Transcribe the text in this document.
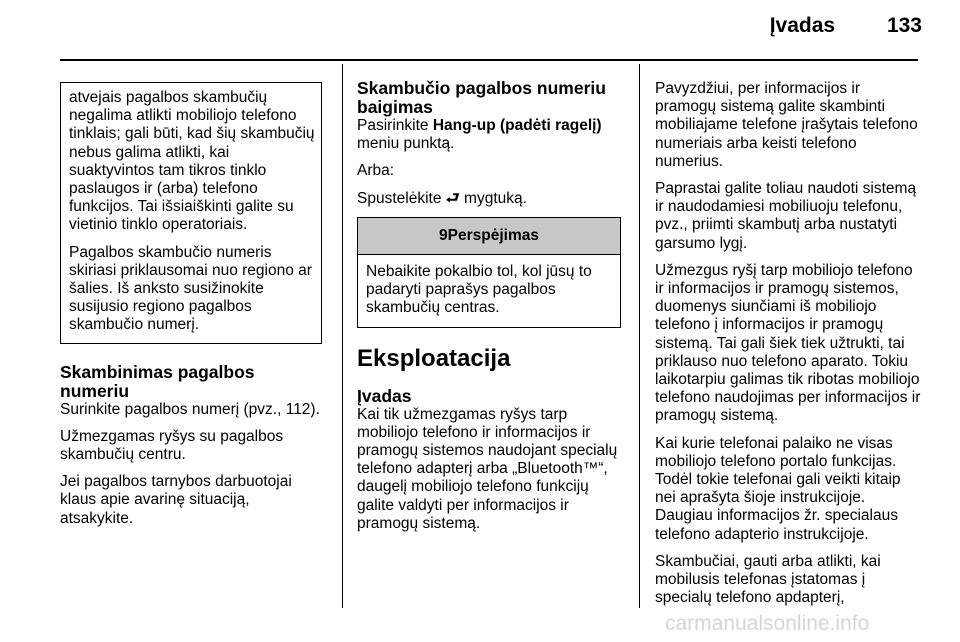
Įvadas 133

atvejais pagalbos skambučių negalima atlikti mobiliojo telefono tinklais; gali būti, kad šių skambučių nebus galima atlikti, kai suaktyvintos tam tikros tinklo paslaugos ir (arba) telefono funkcijos. Tai išsiaiškinti galite su vietinio tinklo operatoriais.

Pagalbos skambučio numeris skiriasi priklausomai nuo regiono ar šalies. Iš anksto susižinokite susijusio regiono pagalbos skambučio numerį.

Skambinimas pagalbos numeriu

Surinkite pagalbos numerį (pvz., 112).

Užmezgamas ryšys su pagalbos skambučių centru.

Jei pagalbos tarnybos darbuotojai klaus apie avarinę situaciją, atsakykite.

Skambučio pagalbos numeriu baigimas

Pasirinkite Hang-up (padėti ragelį) meniu punktą.

Arba:

Spustelėkite ⮐ mygtuką.

9Perspėjimas
Nebaikite pokalbio tol, kol jūsų to padaryti paprašys pagalbos skambučių centras.
Eksploatacija
Įvadas

Kai tik užmezgamas ryšys tarp mobiliojo telefono ir informacijos ir pramogų sistemos naudojant specialų telefono adapterį arba „Bluetooth™“, daugelį mobiliojo telefono funkcijų galite valdyti per informacijos ir pramogų sistemą.

Pavyzdžiui, per informacijos ir pramogų sistemą galite skambinti mobiliajame telefone įrašytais telefono numeriais arba keisti telefono numerius.

Paprastai galite toliau naudoti sistemą ir naudodamiesi mobiliuoju telefonu, pvz., priimti skambutį arba nustatyti garsumo lygį.

Užmezgus ryšį tarp mobiliojo telefono ir informacijos ir pramogų sistemos, duomenys siunčiami iš mobiliojo telefono į informacijos ir pramogų sistemą. Tai gali šiek tiek užtrukti, tai priklauso nuo telefono aparato. Tokiu laikotarpiu galimas tik ribotas mobiliojo telefono naudojimas per informacijos ir pramogų sistemą.

Kai kurie telefonai palaiko ne visas mobiliojo telefono portalo funkcijas. Todėl tokie telefonai gali veikti kitaip nei aprašyta šioje instrukcijoje. Daugiau informacijos žr. specialaus telefono adapterio instrukcijoje.

Skambučiai, gauti arba atlikti, kai mobilusis telefonas įstatomas į specialų telefono apdapterį,

carmanualsonline.info
